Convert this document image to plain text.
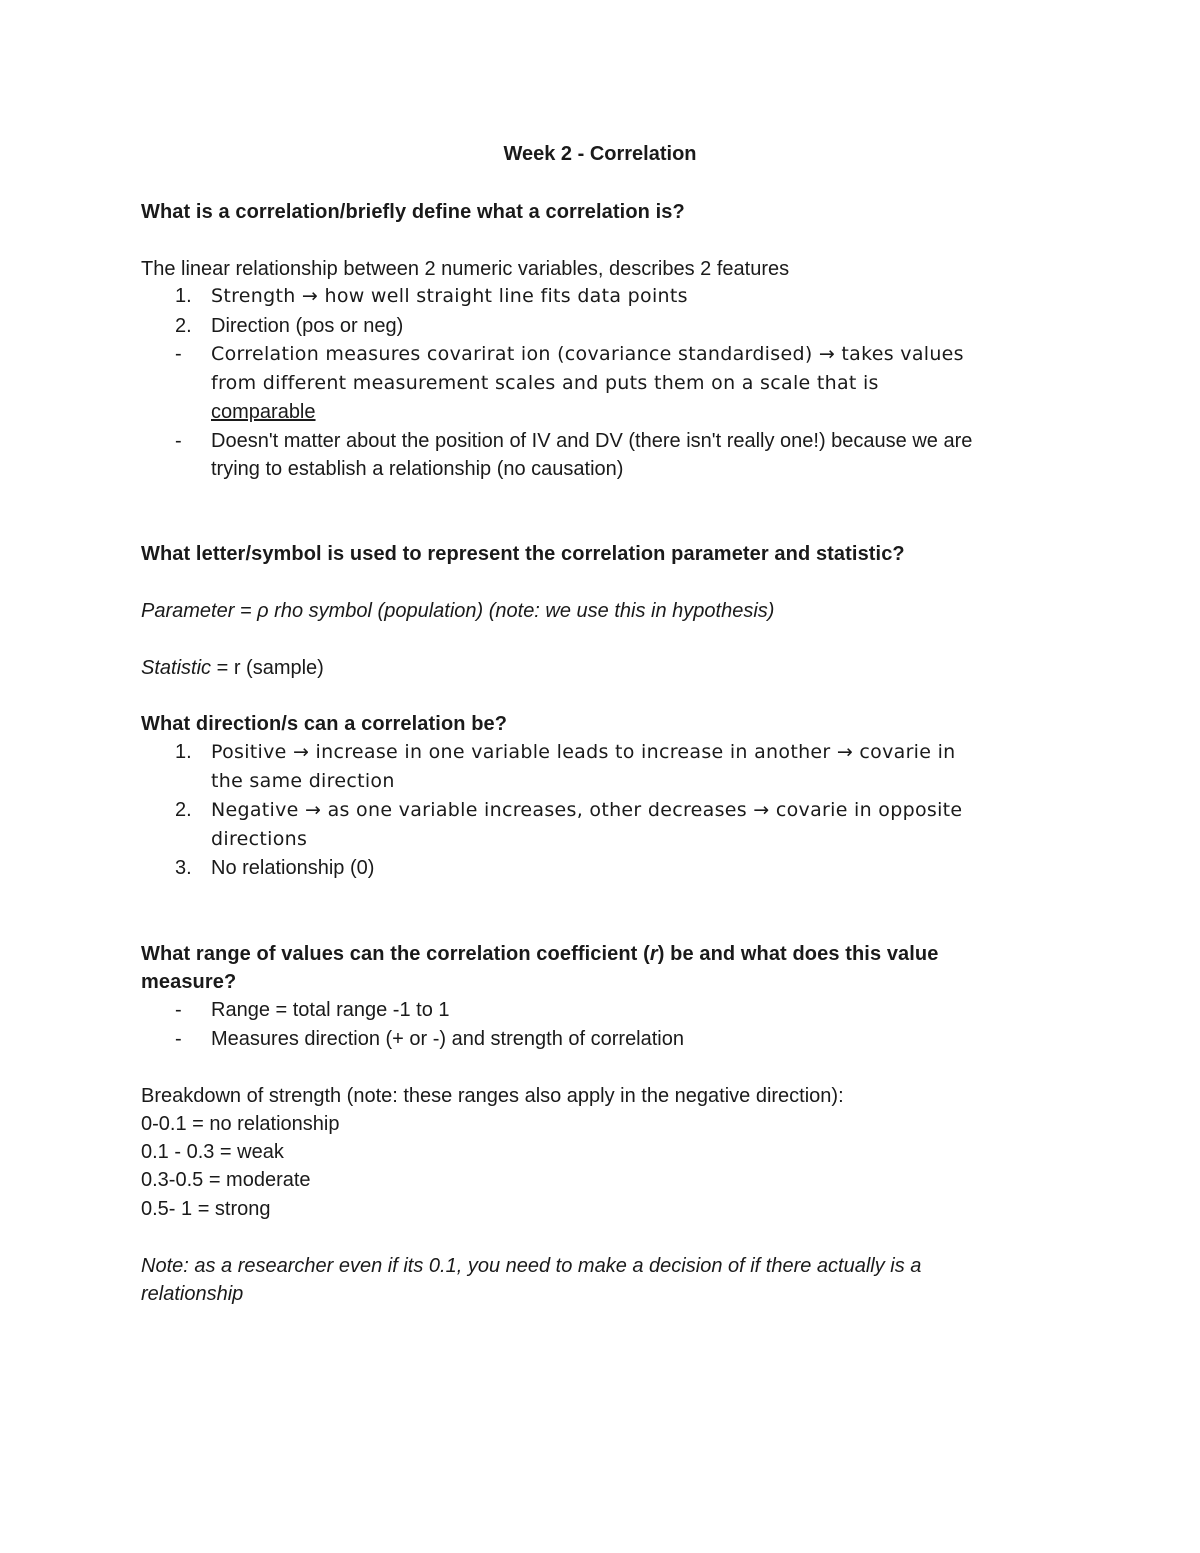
Week 2 - Correlation
What is a correlation/briefly define what a correlation is?
The linear relationship between 2 numeric variables, describes 2 features
1.	Strength → how well straight line fits data points
2. Direction (pos or neg)
-	Correlation measures covarirat ion (covariance standardised) → takes values
from different measurement scales and puts them on a scale that is
comparable
-	Doesn't matter about the position of IV and DV (there isn't really one!) because we are
trying to establish a relationship (no causation)
What letter/symbol is used to represent the correlation parameter and statistic?
Parameter = ρ rho symbol (population) (note: we use this in hypothesis)
Statistic = r (sample)
What direction/s can a correlation be?
1.	Positive → increase in one variable leads to increase in another → covarie in
the same direction
2.	Negative → as one variable increases, other decreases → covarie in opposite
directions
3. No relationship (0)
What range of values can the correlation coefficient (r) be and what does this value
measure?
-	Range = total range -1 to 1
-	Measures direction (+ or -) and strength of correlation
Breakdown of strength (note: these ranges also apply in the negative direction):
0-0.1 = no relationship
0.1 - 0.3 = weak
0.3-0.5 = moderate
0.5- 1 = strong
Note: as a researcher even if its 0.1, you need to make a decision of if there actually is a
relationship
